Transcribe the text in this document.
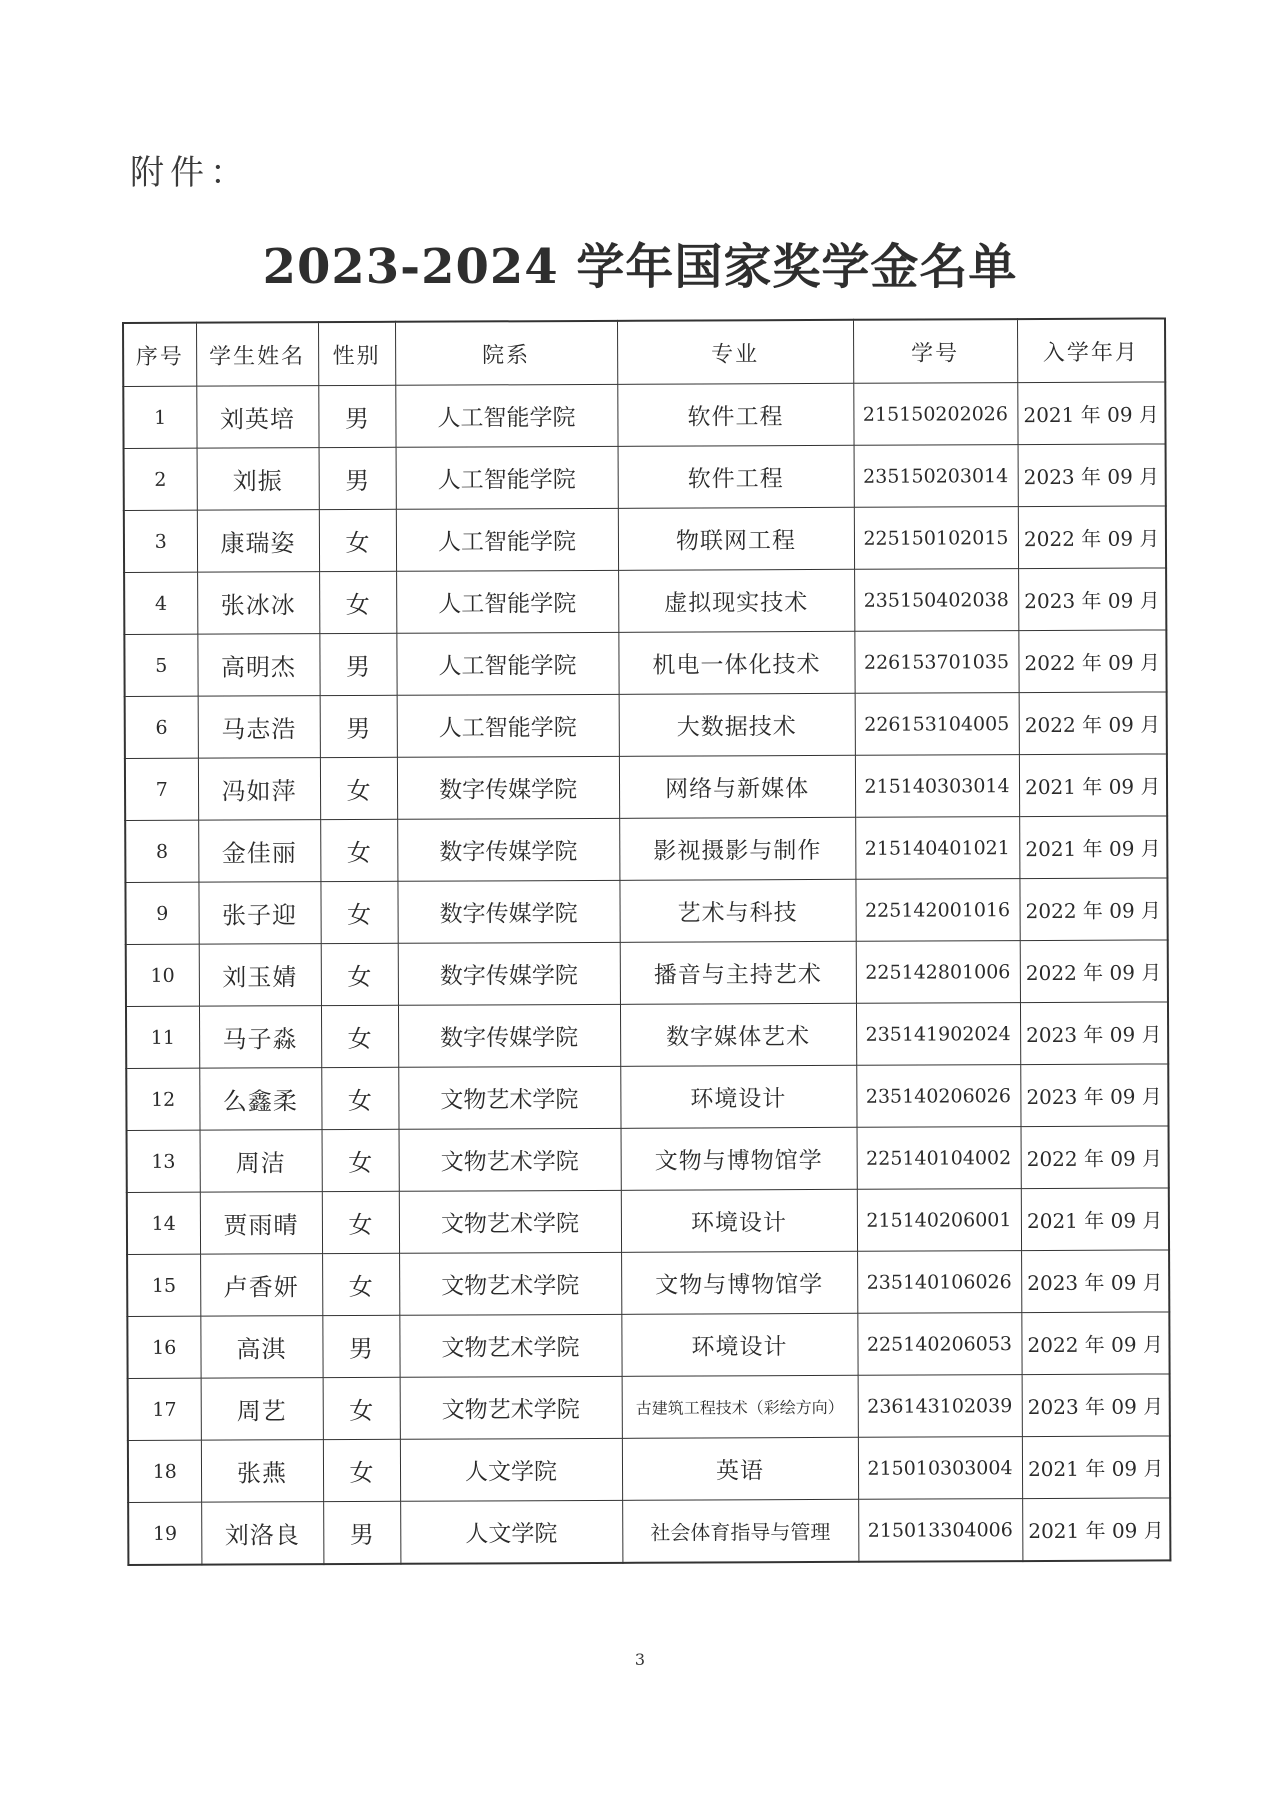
附件：
2023-2024 学年国家奖学金名单
序号	学生姓名	性别	院系	专业	学号	入学年月
1	刘英培	男	人工智能学院	软件工程	215150202026	2021 年 09 月
2	刘振	男	人工智能学院	软件工程	235150203014	2023 年 09 月
3	康瑞姿	女	人工智能学院	物联网工程	225150102015	2022 年 09 月
4	张冰冰	女	人工智能学院	虚拟现实技术	235150402038	2023 年 09 月
5	高明杰	男	人工智能学院	机电一体化技术	226153701035	2022 年 09 月
6	马志浩	男	人工智能学院	大数据技术	226153104005	2022 年 09 月
7	冯如萍	女	数字传媒学院	网络与新媒体	215140303014	2021 年 09 月
8	金佳丽	女	数字传媒学院	影视摄影与制作	215140401021	2021 年 09 月
9	张子迎	女	数字传媒学院	艺术与科技	225142001016	2022 年 09 月
10	刘玉婧	女	数字传媒学院	播音与主持艺术	225142801006	2022 年 09 月
11	马子淼	女	数字传媒学院	数字媒体艺术	235141902024	2023 年 09 月
12	么鑫柔	女	文物艺术学院	环境设计	235140206026	2023 年 09 月
13	周洁	女	文物艺术学院	文物与博物馆学	225140104002	2022 年 09 月
14	贾雨晴	女	文物艺术学院	环境设计	215140206001	2021 年 09 月
15	卢香妍	女	文物艺术学院	文物与博物馆学	235140106026	2023 年 09 月
16	高淇	男	文物艺术学院	环境设计	225140206053	2022 年 09 月
17	周艺	女	文物艺术学院	古建筑工程技术（彩绘方向）	236143102039	2023 年 09 月
18	张燕	女	人文学院	英语	215010303004	2021 年 09 月
19	刘洛良	男	人文学院	社会体育指导与管理	215013304006	2021 年 09 月
3
